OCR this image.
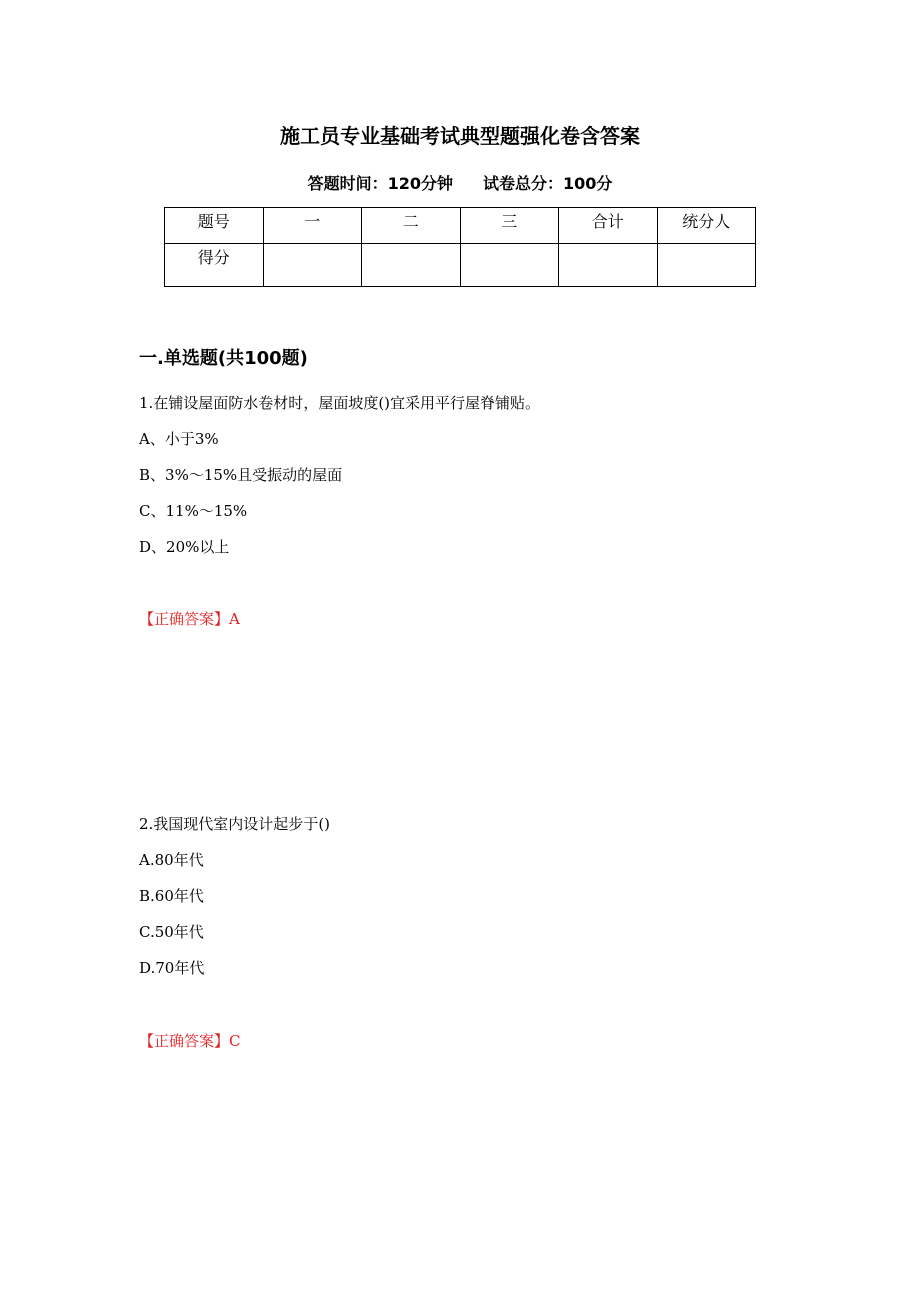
施工员专业基础考试典型题强化卷含答案
答题时间：120分钟 试卷总分：100分
题号	一	二	三	合计	统分人
得分					
一.单选题(共100题)
1.在铺设屋面防水卷材时，屋面坡度()宜采用平行屋脊铺贴。
A、小于3%
B、3%～15%且受振动的屋面
C、11%～15%
D、20%以上
【正确答案】A
2.我国现代室内设计起步于()
A.80年代
B.60年代
C.50年代
D.70年代
【正确答案】C
